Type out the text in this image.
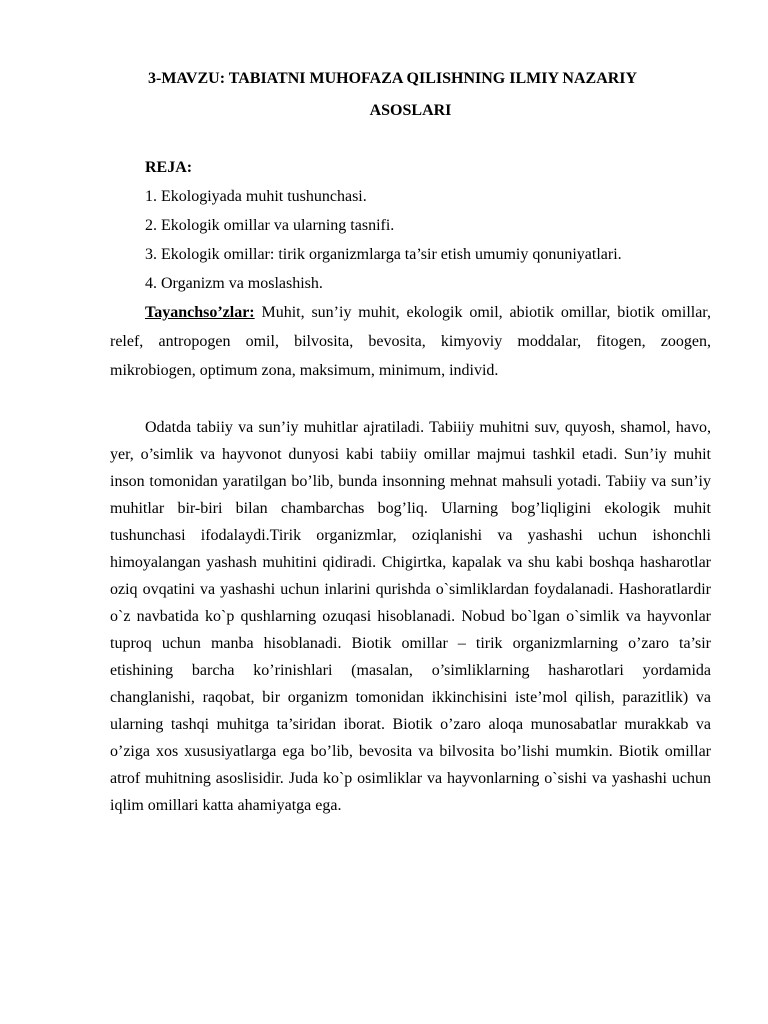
3-MAVZU: TABIATNI MUHOFAZA QILISHNING ILMIY NAZARIY
ASOSLARI

REJA:

1. Ekologiyada muhit tushunchasi.
2. Ekologik omillar va ularning tasnifi.
3. Ekologik omillar: tirik organizmlarga ta’sir etish umumiy qonuniyatlari.
4. Organizm va moslashish.

Tayanchso’zlar: Muhit, sun’iy muhit, ekologik omil, abiotik omillar, biotik omillar, relef, antropogen omil, bilvosita, bevosita, kimyoviy moddalar, fitogen, zoogen, mikrobiogen, optimum zona, maksimum, minimum, individ.

Odatda tabiiy va sun’iy muhitlar ajratiladi. Tabiiiy muhitni suv, quyosh, shamol, havo, yer, o’simlik va hayvonot dunyosi kabi tabiiy omillar majmui tashkil etadi. Sun’iy muhit inson tomonidan yaratilgan bo’lib, bunda insonning mehnat mahsuli yotadi. Tabiiy va sun’iy muhitlar bir-biri bilan chambarchas bog’liq. Ularning bog’liqligini ekologik muhit tushunchasi ifodalaydi.Tirik organizmlar, oziqlanishi va yashashi uchun ishonchli himoyalangan yashash muhitini qidiradi. Chigirtka, kapalak va shu kabi boshqa hasharotlar oziq ovqatini va yashashi uchun inlarini qurishda o`simliklardan foydalanadi. Hashoratlardir o`z navbatida ko`p qushlarning ozuqasi hisoblanadi. Nobud bo`lgan o`simlik va hayvonlar tuproq uchun manba hisoblanadi. Biotik omillar – tirik organizmlarning o’zaro ta’sir etishining barcha ko’rinishlari (masalan, o’simliklarning hasharotlari yordamida changlanishi, raqobat, bir organizm tomonidan ikkinchisini iste’mol qilish, parazitlik) va ularning tashqi muhitga ta’siridan iborat. Biotik o’zaro aloqa munosabatlar murakkab va o’ziga xos xususiyatlarga ega bo’lib, bevosita va bilvosita bo’lishi mumkin. Biotik omillar atrof muhitning asoslisidir. Juda ko`p osimliklar va hayvonlarning o`sishi va yashashi uchun iqlim omillari katta ahamiyatga ega.
